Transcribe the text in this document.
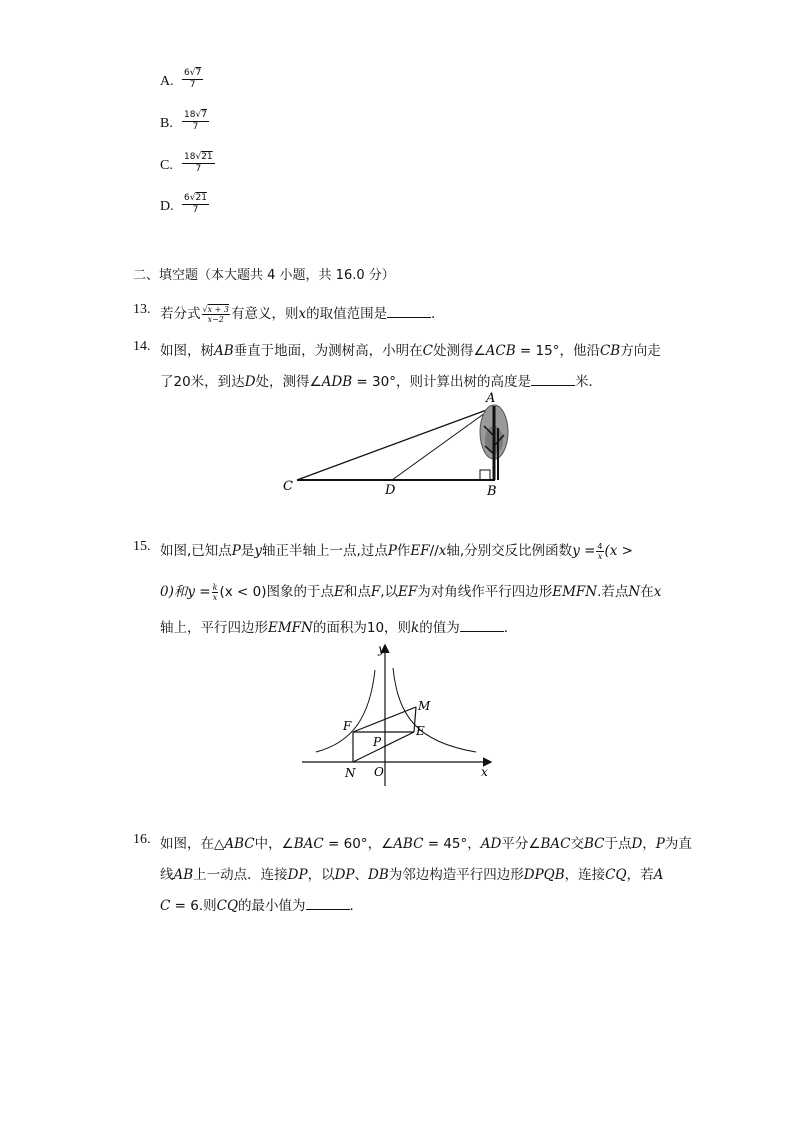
A. $\frac{6√7}{7}$
B. $\frac{18√7}{7}$
C. $\frac{18√21}{7}$
D. $\frac{6√21}{7}$
二、填空题（本大题共 4 小题，共 16.0 分）
13. 若分式 $\frac{√x + 3}{x-2}$ 有意义，则x的取值范围是	．
14. 如图，树AB垂直于地面，为测树高，小明在C处测得∠ACB = 15°，他沿CB方向走
了20米，到达D处，测得∠ADB = 30°，则计算出树的高度是	米．
A
B
C	D
15. 如图,已知点P是y轴正半轴上一点,过点P作EF//x轴,分别交反比例函数$y = \frac{4}{x} (x$ >
0)和$y = \frac{k}{x} (x < 0)$图象的于点E和点F,以EF为对角线作平行四边形EMFN.若点N在x
轴上，平行四边形EMFN的面积为10，则k的值为	．
y
x
O
M
F
P
E
N
16. 如图，在△ABC中，∠BAC = 60°，∠ABC = 45°，AD平分∠BAC交BC于点D，P为直
线AB上一动点．连接DP，以DP、DB为邻边构造平行四边形DPQB，连接CQ，若A
C = 6.则CQ的最小值为	．
